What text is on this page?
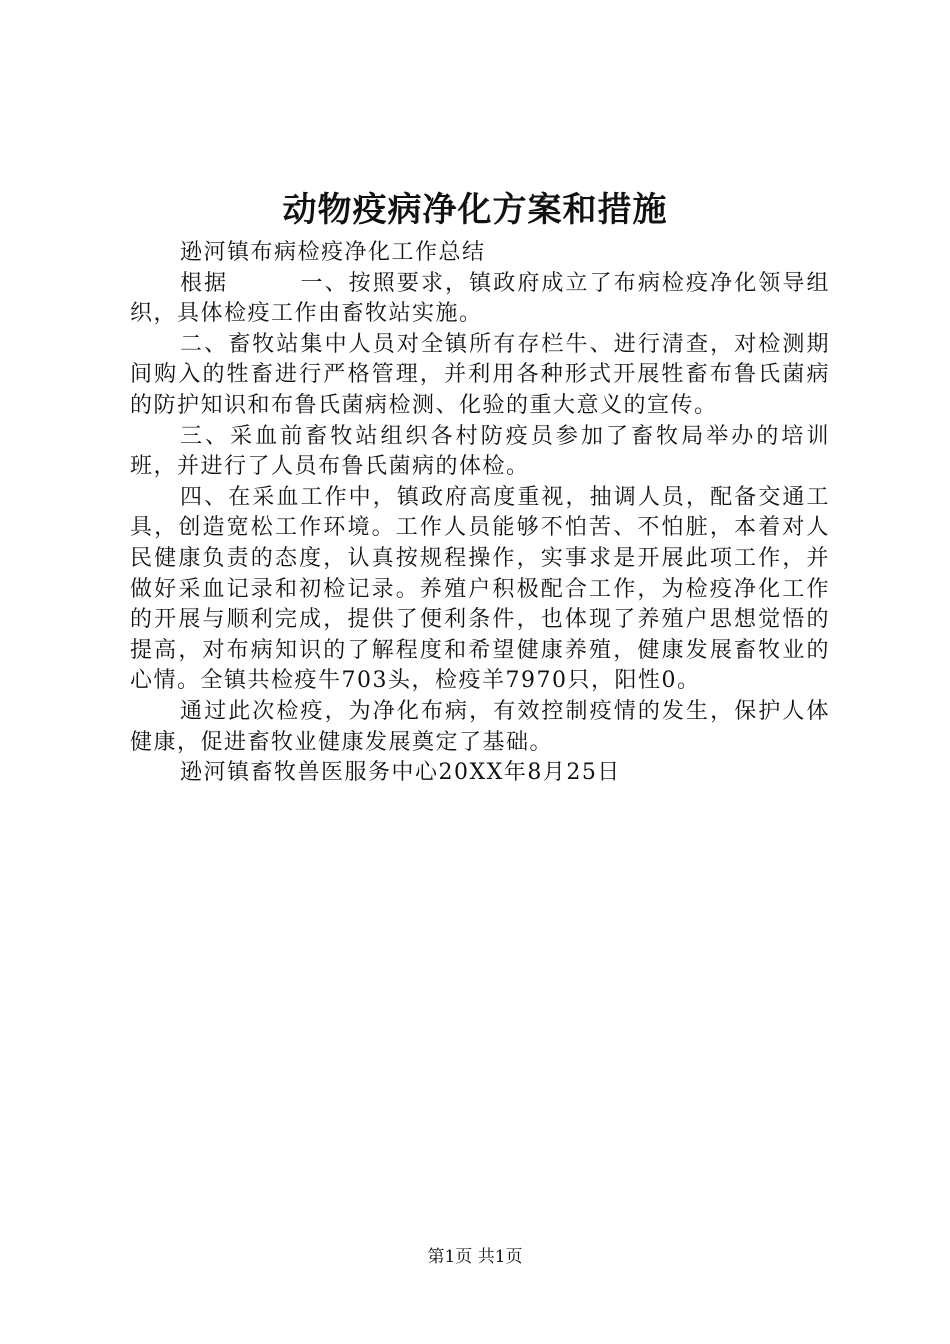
动物疫病净化方案和措施

逊河镇布病检疫净化工作总结

根据　　　一、按照要求，镇政府成立了布病检疫净化领导组织，具体检疫工作由畜牧站实施。

二、畜牧站集中人员对全镇所有存栏牛、进行清查，对检测期间购入的牲畜进行严格管理，并利用各种形式开展牲畜布鲁氏菌病的防护知识和布鲁氏菌病检测、化验的重大意义的宣传。

三、采血前畜牧站组织各村防疫员参加了畜牧局举办的培训班，并进行了人员布鲁氏菌病的体检。

四、在采血工作中，镇政府高度重视，抽调人员，配备交通工具，创造宽松工作环境。工作人员能够不怕苦、不怕脏，本着对人民健康负责的态度，认真按规程操作，实事求是开展此项工作，并做好采血记录和初检记录。养殖户积极配合工作，为检疫净化工作的开展与顺利完成，提供了便利条件，也体现了养殖户思想觉悟的提高，对布病知识的了解程度和希望健康养殖，健康发展畜牧业的心情。全镇共检疫牛703头，检疫羊7970只，阳性0。

通过此次检疫，为净化布病，有效控制疫情的发生，保护人体健康，促进畜牧业健康发展奠定了基础。

逊河镇畜牧兽医服务中心20XX年8月25日

第1页 共1页
